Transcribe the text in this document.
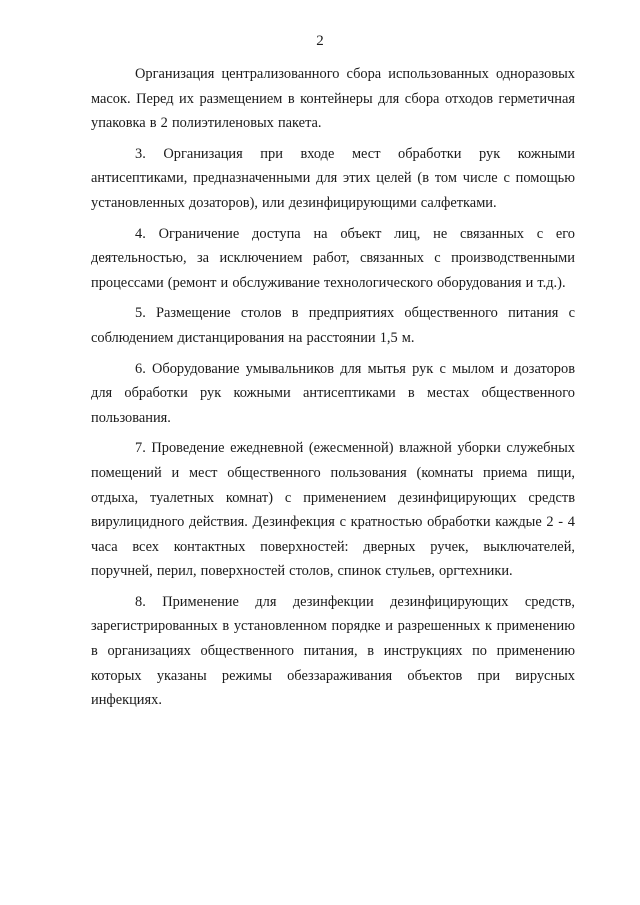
2

Организация централизованного сбора использованных одноразовых масок. Перед их размещением в контейнеры для сбора отходов герметичная упаковка в 2 полиэтиленовых пакета.

3. Организация при входе мест обработки рук кожными антисептиками, предназначенными для этих целей (в том числе с помощью установленных дозаторов), или дезинфицирующими салфетками.

4. Ограничение доступа на объект лиц, не связанных с его деятельностью, за исключением работ, связанных с производственными процессами (ремонт и обслуживание технологического оборудования и т.д.).

5. Размещение столов в предприятиях общественного питания с соблюдением дистанцирования на расстоянии 1,5 м.

6. Оборудование умывальников для мытья рук с мылом и дозаторов для обработки рук кожными антисептиками в местах общественного пользования.

7. Проведение ежедневной (ежесменной) влажной уборки служебных помещений и мест общественного пользования (комнаты приема пищи, отдыха, туалетных комнат) с применением дезинфицирующих средств вирулицидного действия. Дезинфекция с кратностью обработки каждые 2 - 4 часа всех контактных поверхностей: дверных ручек, выключателей, поручней, перил, поверхностей столов, спинок стульев, оргтехники.

8. Применение для дезинфекции дезинфицирующих средств, зарегистрированных в установленном порядке и разрешенных к применению в организациях общественного питания, в инструкциях по применению которых указаны режимы обеззараживания объектов при вирусных инфекциях.
